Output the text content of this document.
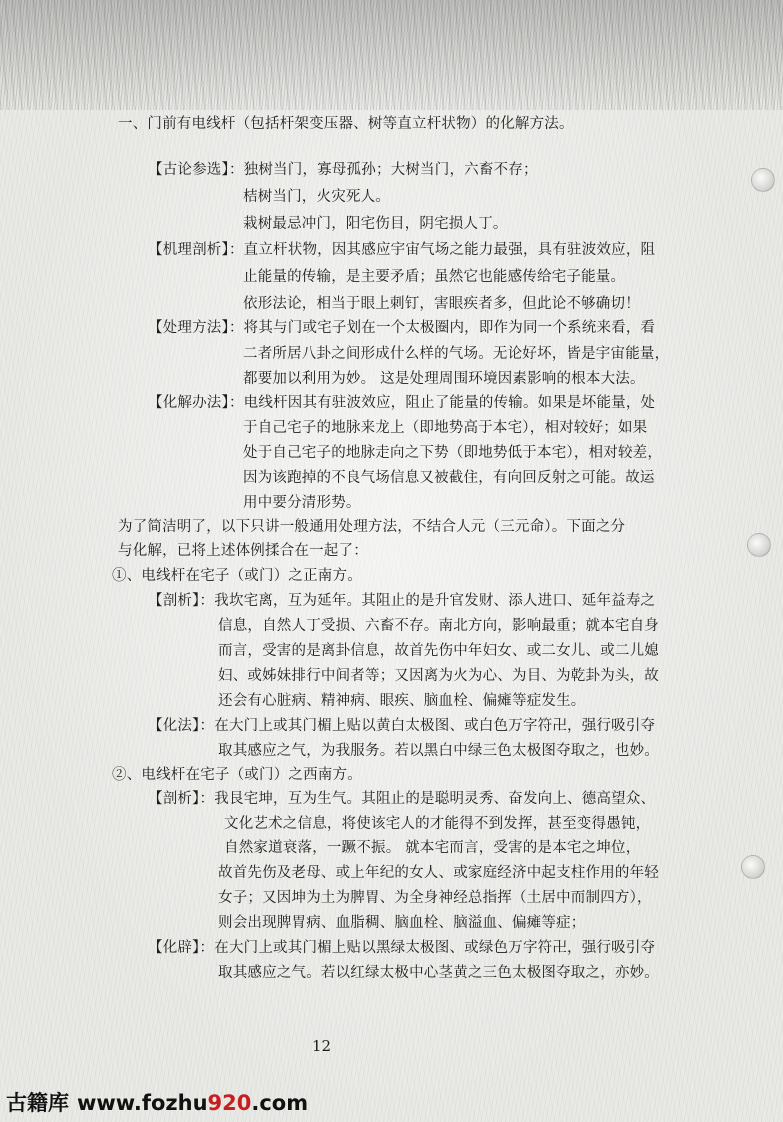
一、门前有电线杆（包括杆架变压器、树等直立杆状物）的化解方法。
【古论参选】：独树当门，寡母孤孙；大树当门，六畜不存；
桔树当门，火灾死人。
栽树最忌冲门，阳宅伤目，阴宅损人丁。
【机理剖析】：直立杆状物，因其感应宇宙气场之能力最强，具有驻波效应，阻
止能量的传输，是主要矛盾；虽然它也能感传给宅子能量。
依形法论，相当于眼上刺钉，害眼疾者多，但此论不够确切！
【处理方法】：将其与门或宅子划在一个太极圈内，即作为同一个系统来看，看
二者所居八卦之间形成什么样的气场。无论好坏，皆是宇宙能量，
都要加以利用为妙。 这是处理周围环境因素影响的根本大法。
【化解办法】：电线杆因其有驻波效应，阻止了能量的传输。如果是坏能量，处
于自己宅子的地脉来龙上（即地势高于本宅），相对较好；如果
处于自己宅子的地脉走向之下势（即地势低于本宅），相对较差，
因为该跑掉的不良气场信息又被截住，有向回反射之可能。故运
用中要分清形势。
为了简洁明了，以下只讲一般通用处理方法，不结合人元（三元命）。下面之分
与化解，已将上述体例揉合在一起了：
①、电线杆在宅子（或门）之正南方。
【剖析】：我坎宅离，互为延年。其阻止的是升官发财、添人进口、延年益寿之
信息，自然人丁受损、六畜不存。南北方向，影响最重；就本宅自身
而言，受害的是离卦信息，故首先伤中年妇女、或二女儿、或二儿媳
妇、或姊妹排行中间者等；又因离为火为心、为目、为乾卦为头，故
还会有心脏病、精神病、眼疾、脑血栓、偏瘫等症发生。
【化法】：在大门上或其门楣上贴以黄白太极图、或白色万字符卍，强行吸引夺
取其感应之气，为我服务。若以黑白中绿三色太极图夺取之，也妙。
②、电线杆在宅子（或门）之西南方。
【剖析】：我艮宅坤，互为生气。其阻止的是聪明灵秀、奋发向上、德高望众、
文化艺术之信息，将使该宅人的才能得不到发挥，甚至变得愚钝，
自然家道衰落，一蹶不振。 就本宅而言，受害的是本宅之坤位，
故首先伤及老母、或上年纪的女人、或家庭经济中起支柱作用的年轻
女子；又因坤为土为脾胃、为全身神经总指挥（土居中而制四方），
则会出现脾胃病、血脂稠、脑血栓、脑溢血、偏瘫等症；
【化辟】：在大门上或其门楣上贴以黑绿太极图、或绿色万字符卍，强行吸引夺
取其感应之气。若以红绿太极中心茎黄之三色太极图夺取之，亦妙。
12
古籍库 www.fozhu920.com
